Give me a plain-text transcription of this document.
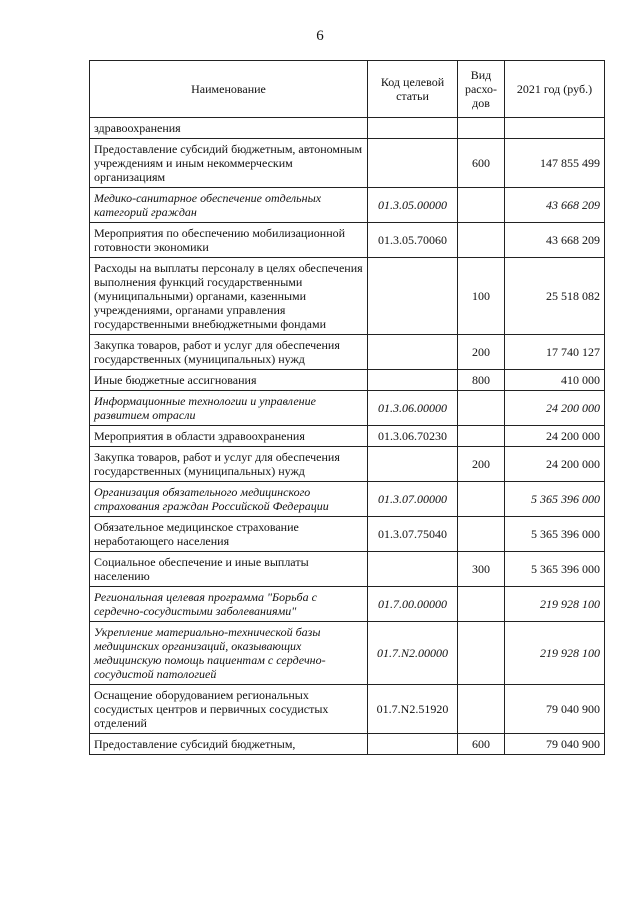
6
Наименование	Код целевой статьи	Вид расхо-дов	2021 год (руб.)
здравоохранения			
Предоставление субсидий бюджетным, автономным учреждениям и иным некоммерческим организациям		600	147 855 499
Медико-санитарное обеспечение отдельных категорий граждан	01.3.05.00000		43 668 209
Мероприятия по обеспечению мобилизационной готовности экономики	01.3.05.70060		43 668 209
Расходы на выплаты персоналу в целях обеспечения выполнения функций государственными (муниципальными) органами, казенными учреждениями, органами управления государственными внебюджетными фондами		100	25 518 082
Закупка товаров, работ и услуг для обеспечения государственных (муниципальных) нужд		200	17 740 127
Иные бюджетные ассигнования		800	410 000
Информационные технологии и управление развитием отрасли	01.3.06.00000		24 200 000
Мероприятия в области здравоохранения	01.3.06.70230		24 200 000
Закупка товаров, работ и услуг для обеспечения государственных (муниципальных) нужд		200	24 200 000
Организация обязательного медицинского страхования граждан Российской Федерации	01.3.07.00000		5 365 396 000
Обязательное медицинское страхование неработающего населения	01.3.07.75040		5 365 396 000
Социальное обеспечение и иные выплаты населению		300	5 365 396 000
Региональная целевая программа "Борьба с сердечно-сосудистыми заболеваниями"	01.7.00.00000		219 928 100
Укрепление материально-технической базы медицинских организаций, оказывающих медицинскую помощь пациентам с сердечно-сосудистой патологией	01.7.N2.00000		219 928 100
Оснащение оборудованием региональных сосудистых центров и первичных сосудистых отделений	01.7.N2.51920		79 040 900
Предоставление субсидий бюджетным,		600	79 040 900
